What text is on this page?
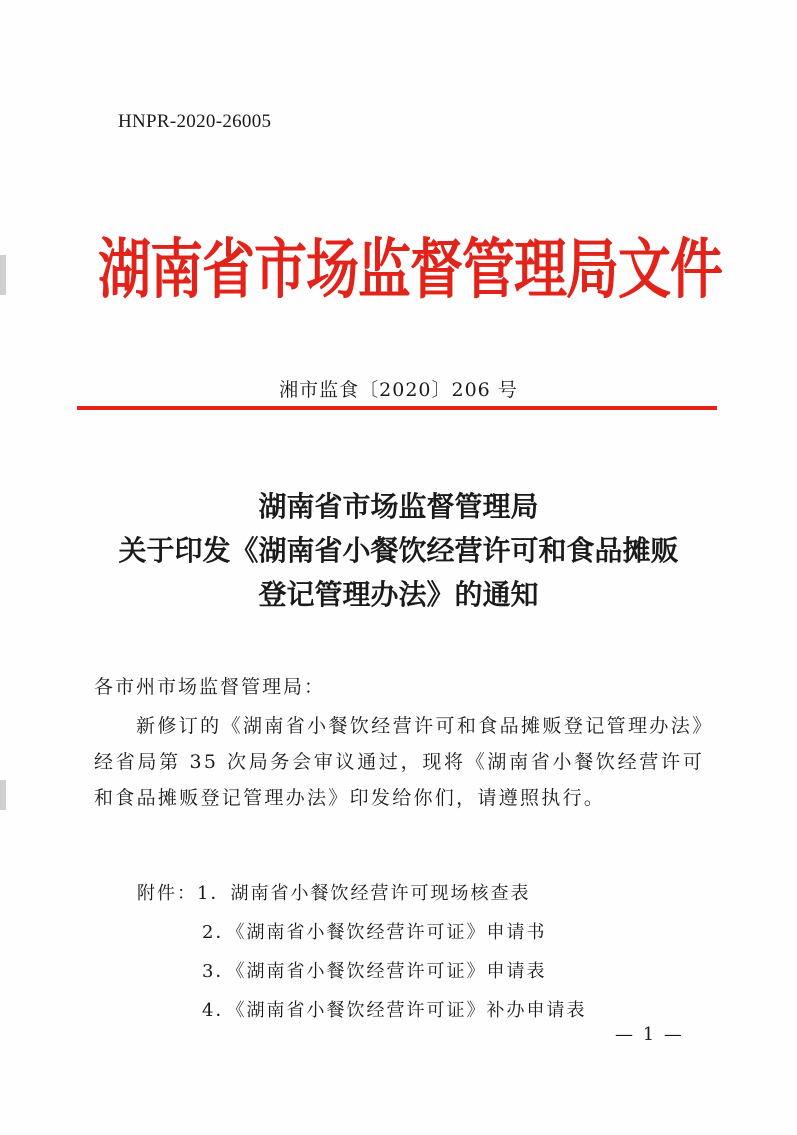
HNPR-2020-26005
湖南省市场监督管理局文件
湘市监食〔2020〕206 号
湖南省市场监督管理局
关于印发《湖南省小餐饮经营许可和食品摊贩
登记管理办法》的通知
各市州市场监督管理局：
新修订的《湖南省小餐饮经营许可和食品摊贩登记管理办法》经省局第 35 次局务会审议通过，现将《湖南省小餐饮经营许可和食品摊贩登记管理办法》印发给你们，请遵照执行。
附件：1．湖南省小餐饮经营许可现场核查表
2．《湖南省小餐饮经营许可证》申请书
3．《湖南省小餐饮经营许可证》申请表
4．《湖南省小餐饮经营许可证》补办申请表
— 1 —
